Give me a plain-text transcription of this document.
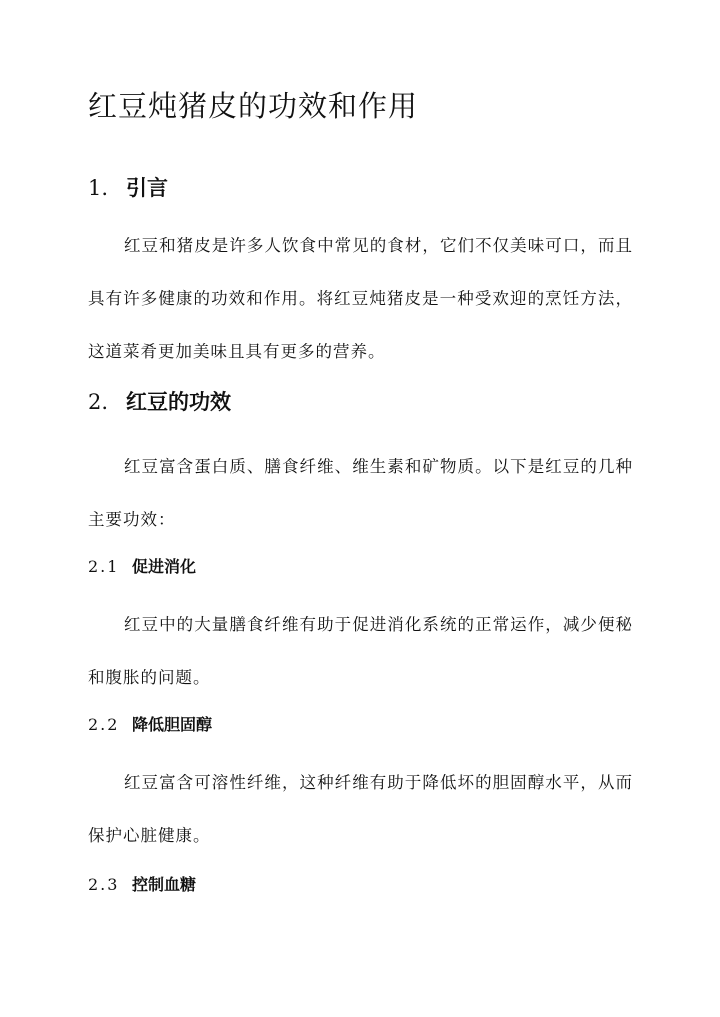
红豆炖猪皮的功效和作用
1. 引言

红豆和猪皮是许多人饮食中常见的食材，它们不仅美味可口，而且具有许多健康的功效和作用。将红豆炖猪皮是一种受欢迎的烹饪方法，这道菜肴更加美味且具有更多的营养。

2. 红豆的功效

红豆富含蛋白质、膳食纤维、维生素和矿物质。以下是红豆的几种主要功效：

2.1 促进消化

红豆中的大量膳食纤维有助于促进消化系统的正常运作，减少便秘和腹胀的问题。

2.2 降低胆固醇

红豆富含可溶性纤维，这种纤维有助于降低坏的胆固醇水平，从而保护心脏健康。

2.3 控制血糖
